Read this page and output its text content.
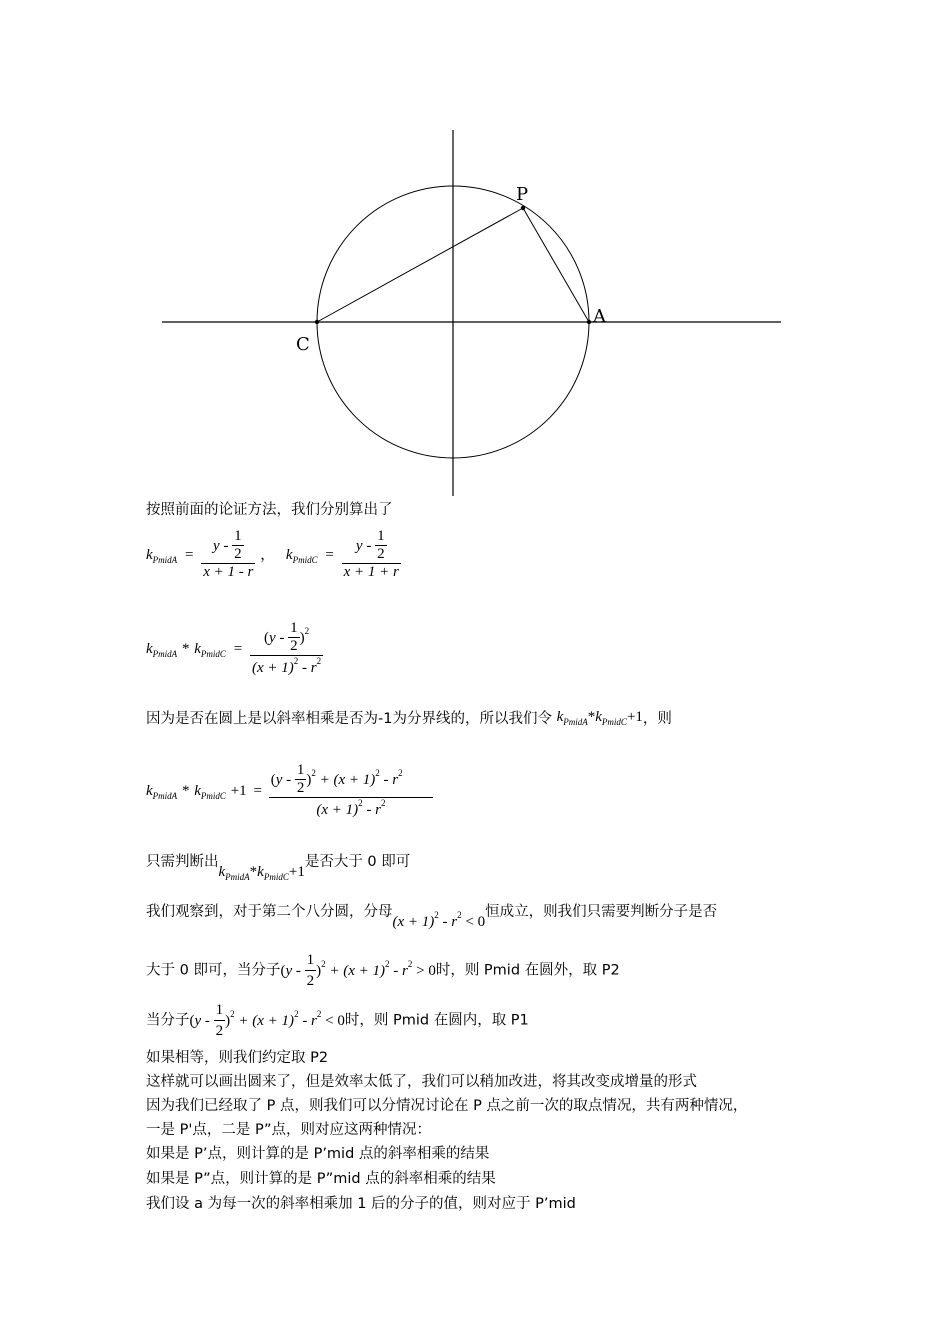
P
A
C
按照前面的论证方法，我们分别算出了
$k_{PmidA} = \frac{y - \frac{1}{2}}{x + 1 - r}$ ， $k_{PmidC} = \frac{y - \frac{1}{2}}{x + 1 + r}$
$k_{PmidA} * k_{PmidC} = \frac{(y - \frac{1}{2} )^2}{(x + 1)^2 - r^2}$
因为是否在圆上是以斜率相乘是否为-1为分界线的，所以我们令 $k_{PmidA}*k_{PmidC}+1$，则
$k_{PmidA} * k_{PmidC} +1 = \frac{(y - \frac{1}{2} )^2 + (x + 1)^2 - r^2}{(x + 1)^2 - r^2}$
只需判断出$k_{PmidA}*k_{PmidC}+1$是否大于 0 即可
我们观察到，对于第二个八分圆，分母$(x + 1)^2 - r^2 < 0$恒成立，则我们只需要判断分子是否
大于 0 即可，当分子$(y - \frac{1}{2} )^2 + (x + 1)^2 - r^2 > 0$时，则 Pmid 在圆外，取 P2
当分子$(y - \frac{1}{2} )^2 + (x + 1)^2 - r^2 < 0$时，则 Pmid 在圆内，取 P1
如果相等，则我们约定取 P2
这样就可以画出圆来了，但是效率太低了，我们可以稍加改进，将其改变成增量的形式
因为我们已经取了 P 点，则我们可以分情况讨论在 P 点之前一次的取点情况，共有两种情况，
一是 P'点，二是 P”点，则对应这两种情况：
如果是 P’点，则计算的是 P’mid 点的斜率相乘的结果
如果是 P”点，则计算的是 P”mid 点的斜率相乘的结果
我们设 a 为每一次的斜率相乘加 1 后的分子的值，则对应于 P’mid
